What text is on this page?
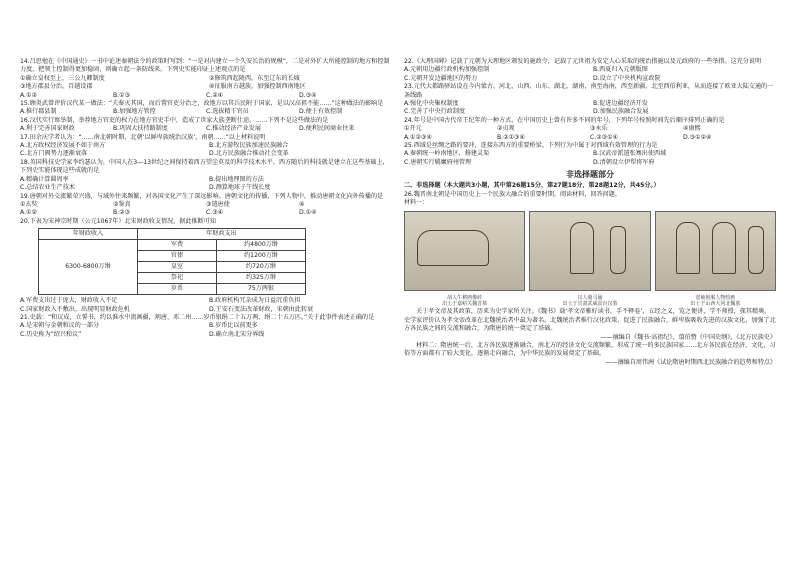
14.吕思勉在《中国通史》一书中论述秦朝法令的政策时写到：“一是对内建立一个久安长治的规模”，二是对外扩大所能控制的地方和控制力度，把领土控制得更加稳固，则确立起一条防线来。下列史实能印证上述观点的是

①确立皇权至上，三公九卿制度	②修筑西起陇西，东至辽东的长城
③地方郡县分治，百越设郡	④征服南方越族，加强控制西南地区
A.①②	B.①③	C.②④	D.③④

15.顾炎武曾评价汉代某一做法：“夫秦灭其国，而后置官吏分治之，故地方以其兵民附于国家，是以汉高祖不能……”这种做法的影响是

A.推行郡县制	B.加强地方管控	C.选拔精干官员	D.便于有效控制

16.汉代实行察举制，举荐地方官吏的权力在地方官吏手中，造成了世家大族垄断仕途。……下列不是这些做法的是

A.利于完善国家财政	B.巩固大扶持路制度	C.推动经济产业发展	D.便利民间商业往来

17.田余庆学者认为：“……南北朝时期，北朝‘以鲜卑族统治汉族’，南朝……”以上材料说明

A.北方政权经济发展不如于南方	B.北方游牧民族加速民族融合
C.北方门阀势力逐渐衰落	D.北方民族融合推动社会变革

18.英国科技史学家李约瑟认为，中国人在3—13世纪之间保持着西方望尘莫及的科学技术水平。西方随后的科技就是建立在这些基础上，下列史实能体现这些成就的是

A.精确计算圆周率	B.提出地理图的方法
C.总结农业生产技术	D.测算地球子午线长度

19.唐朝对外交流繁荣兴盛，与域外往来频繁，对各国文化产生了深远影响。唐朝文化的传播，下列人物中，推动唐朝文化向外传播的是

①玄奘	②鉴真	③遣唐使	④
A.①②	B.②③	C.③④	D.①④

20.下表为宋神宗时期（公元1067年）北宋财政收支情况，据此推断可知

年财政收入	年财政支出	
6300-6800万缗	军费	约4800万缗
	官俸	约1200万缗
	皇室	约720万缗
	祭祀	约325万缗
	岁币	75万两银
A.军费支出过于庞大，财政收入不足	B.政府机构冗杂成为日益沉重负担
C.国家财政入不敷出，出现明显财政危机	D.王安石变法改革财政，宋朝由此转衰

21.史载：“和议成，立誓书，约以淮水中流画疆，割唐、邓二州……岁币银绢二十五万两、绢二十五万匹。”关于此事件表述正确的是

A.是宋朝与金朝和议的一部分	B.岁币比以前更多
C.历史称为“绍兴和议”	D.确立南北宋分界线

22.《大理国碑》记载了元朝为大理地区颁发的施政令，记载了元世祖为安定人心采取的统治措施以及元政府的一些举措。这充分说明

A.元朝用边疆行政机构加强控制	B.西夏归入元朝版图
C.元朝开发边疆地区的努力	D.设立了中央机构宣政院

23.元代大都路驿站设在今内蒙古、河北、山西、山东、湖北、湖南，南至海南，西至新疆，北至西伯利亚，从而连接了欧亚大陆交通的一条线路

A.强化中央集权制度	B.促进边疆经济开发
C.完善了中央行政制度	D.加强民族融合发展

24.年号是中国古代帝王纪年的一种方式，在中国历史上曾有许多不同的年号，下列年号按照时间先后顺序排列正确的是

①开元	②贞观	③永乐	④康熙
A.①②③④	B.②①③④	C.②③①④	D.③①②④

25.西域是丝绸之路的要冲，连接东西方的重要桥梁。下列行为中属于对西域有效管理的行为是

A.秦朝统一岭南地区，修建灵渠	B.汉武帝派遣张骞出使西域
C.唐朝实行羁縻府州管理	D.清朝设立伊犁将军府
非选择题部分

二、非选择题（本大题共3小题，其中第26题15分，第27题18分，第28题12分，共45分。）

26.魏晋南北朝是中国历史上一个民族大融合的重要时期，阅读材料，回答问题。

材料一：

胡人牛耕画像砖
出土于嘉峪关魏晋墓
汉人骑马俑
出土于甘肃武威雷台汉墓
宽袖袍服人物绘画
出土于山西大同北魏墓

关于孝文帝及其政策，历来为史学家所关注。《魏书》载‘孝文帝雅好读书，手不释卷’，五经之义，览之便讲，学不师授，探其精奥。史学家评价认为孝文帝改革在北魏统治者中最为著名。北魏统治者推行汉化政策，促进了民族融合，鲜卑族吸收先进的汉族文化，加强了北方各民族之间的交流和融合，为隋唐的统一奠定了基础。

——摘编自《魏书·高祖纪》、翦伯赞《中国史纲》、《北方民族史》

材料二：隋唐统一后，北方各民族逐渐融合，南北方的经济文化交流频繁，形成了统一的多民族国家……北方各民族在经济、文化、习俗等方面都有了较大变化，逐渐走向融合，为中华民族的发展奠定了基础。

——摘编自周伟洲《试论隋唐时期西北民族融合的趋势和特点》
